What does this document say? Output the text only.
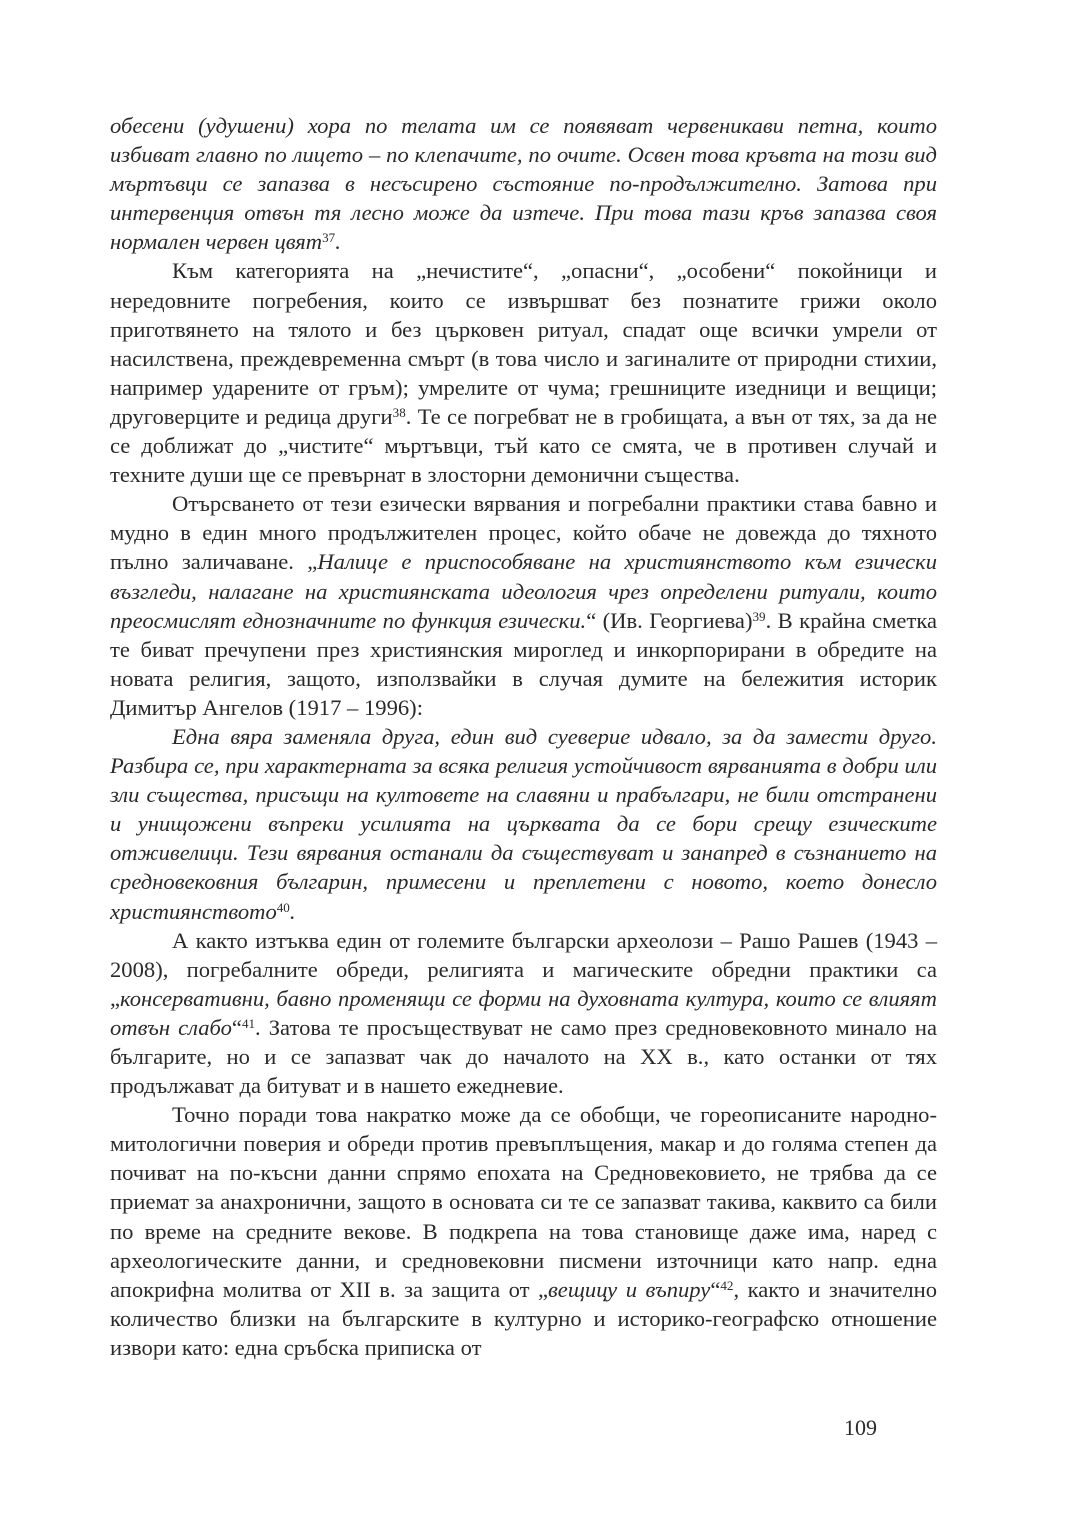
обесени (удушени) хора по телата им се появяват червеникави петна, които избиват главно по лицето – по клепачите, по очите. Освен това кръвта на този вид мъртъвци се запазва в несъсирено състояние по-продължително. Затова при интервенция отвън тя лесно може да изтече. При това тази кръв запазва своя нормален червен цвят$^{37}$.

Към категорията на „нечистите“, „опасни“, „особени“ покойници и нередовните погребения, които се извършват без познатите грижи около приготвянето на тялото и без църковен ритуал, спадат още всички умрели от насилствена, преждевременна смърт (в това число и загиналите от природни стихии, например ударените от гръм); умрелите от чума; грешниците изедници и вещици; друговерците и редица други$^{38}$. Те се погребват не в гробищата, а вън от тях, за да не се доближат до „чистите“ мъртъвци, тъй като се смята, че в противен случай и техните души ще се превърнат в злосторни демонични същества.

Отърсването от тези езически вярвания и погребални практики става бавно и мудно в един много продължителен процес, който обаче не довежда до тяхното пълно заличаване. „Налице е приспособяване на християнството към езически възгледи, налагане на християнската идеология чрез определени ритуали, които преосмислят еднозначните по функция езически.“ (Ив. Георгиева)$^{39}$. В крайна сметка те биват пречупени през християнския мироглед и инкорпорирани в обредите на новата религия, защото, използвайки в случая думите на бележития историк Димитър Ангелов (1917 – 1996):

Една вяра заменяла друга, един вид суеверие идвало, за да замести друго. Разбира се, при характерната за всяка религия устойчивост вярванията в добри или зли същества, присъщи на култовете на славяни и прабългари, не били отстранени и унищожени въпреки усилията на църквата да се бори срещу езическите отживелици. Тези вярвания останали да съществуват и занапред в съзнанието на средновековния българин, примесени и преплетени с новото, което донесло християнството$^{40}$.

А както изтъква един от големите български археолози – Рашо Рашев (1943 – 2008), погребалните обреди, религията и магическите обредни практики са „консервативни, бавно променящи се форми на духовната култура, които се влияят отвън слабо“$^{41}$. Затова те просъществуват не само през средновековното минало на българите, но и се запазват чак до началото на XX в., като останки от тях продължават да битуват и в нашето ежедневие.

Точно поради това накратко може да се обобщи, че гореописаните народно-митологични поверия и обреди против превъплъщения, макар и до голяма степен да почиват на по-късни данни спрямо епохата на Средновековието, не трябва да се приемат за анахронични, защото в основата си те се запазват такива, каквито са били по време на средните векове. В подкрепа на това становище даже има, наред с археологическите данни, и средновековни писмени източници като напр. една апокрифна молитва от XII в. за защита от „вещицу и въпиру“$^{42}$, както и значително количество близки на българските в културно и историко-географско отношение извори като: една сръбска приписка от

109
